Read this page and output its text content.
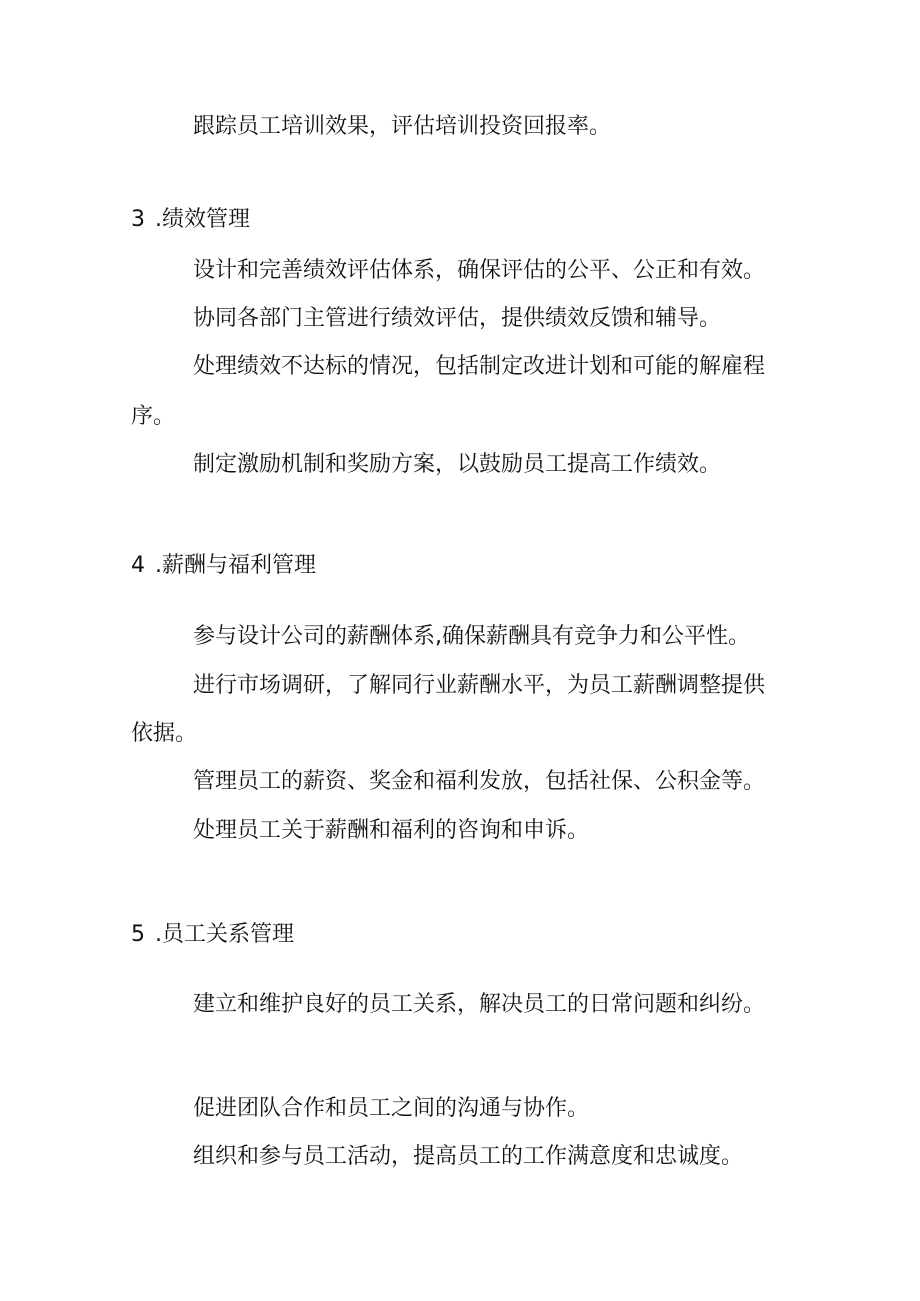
跟踪员工培训效果，评估培训投资回报率。
3 .绩效管理
设计和完善绩效评估体系，确保评估的公平、公正和有效。
协同各部门主管进行绩效评估，提供绩效反馈和辅导。
处理绩效不达标的情况，包括制定改进计划和可能的解雇程
序。
制定激励机制和奖励方案，以鼓励员工提高工作绩效。
4 .薪酬与福利管理
参与设计公司的薪酬体系,确保薪酬具有竞争力和公平性。
进行市场调研，了解同行业薪酬水平，为员工薪酬调整提供
依据。
管理员工的薪资、奖金和福利发放，包括社保、公积金等。
处理员工关于薪酬和福利的咨询和申诉。
5 .员工关系管理
建立和维护良好的员工关系，解决员工的日常问题和纠纷。
促进团队合作和员工之间的沟通与协作。
组织和参与员工活动，提高员工的工作满意度和忠诚度。
